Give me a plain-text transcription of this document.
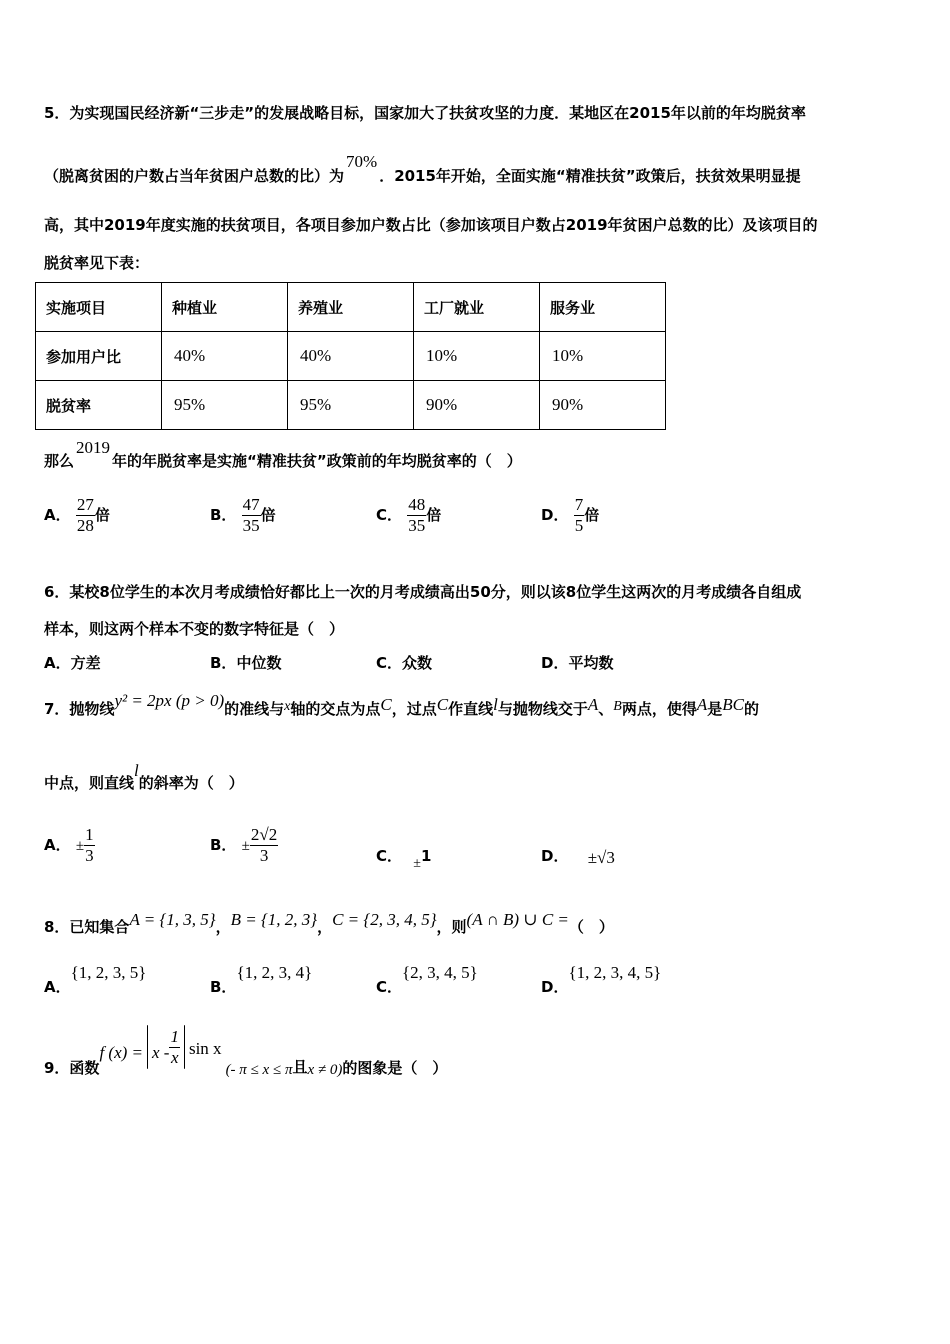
5．为实现国民经济新“三步走”的发展战略目标，国家加大了扶贫攻坚的力度．某地区在2015年以前的年均脱贫率
（脱离贫困的户数占当年贫困户总数的比）为70%．2015年开始，全面实施“精准扶贫”政策后，扶贫效果明显提
高，其中2019年度实施的扶贫项目，各项目参加户数占比（参加该项目户数占2019年贫困户总数的比）及该项目的
脱贫率见下表：
实施项目	种植业	养殖业	工厂就业	服务业
参加用户比	40%	40%	10%	10%
脱贫率	95%	95%	90%	90%
那么2019年的年脱贫率是实施“精准扶贫”政策前的年均脱贫率的（　）
A． $\frac{27}{28}$ 倍	B． $\frac{47}{35}$ 倍	C． $\frac{48}{35}$ 倍	D． $\frac{7}{5}$ 倍
6．某校8位学生的本次月考成绩恰好都比上一次的月考成绩高出50分，则以该8位学生这两次的月考成绩各自组成
样本，则这两个样本不变的数字特征是（　）
A．方差	B．中位数	C．众数	D．平均数
7．抛物线y² = 2px (p > 0)的准线与x轴的交点为点C，过点C作直线l与抛物线交于A、B两点，使得A是BC的
中点，则直线l的斜率为（　）
A． ± $\frac{1}{3}$	B． ± $\frac{2√2}{3}$	C． ±1	D． ±√3
8．已知集合A = {1, 3, 5}，B = {1, 2, 3}，C = {2, 3, 4, 5}，则(A ∩ B) ∪ C =（　）
A．{1, 2, 3, 5}
B．{1, 2, 3, 4}
C．{2, 3, 4, 5}
D．{1, 2, 3, 4, 5}
9．函数f $(x) = x - \frac{1}{x}$ sin x(- π ≤ x ≤ π且x ≠ 0)的图象是（　）
